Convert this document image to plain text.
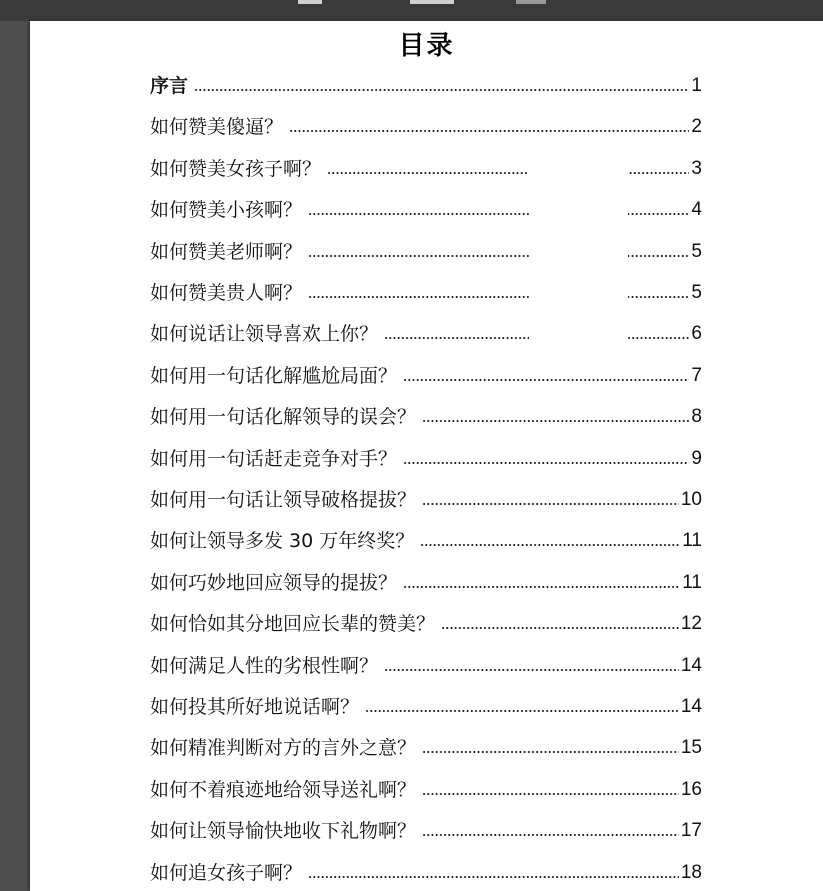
目录
序言	1
如何赞美傻逼？	2
如何赞美女孩子啊？	3
如何赞美小孩啊？	4
如何赞美老师啊？	5
如何赞美贵人啊？	5
如何说话让领导喜欢上你？	6
如何用一句话化解尴尬局面？	7
如何用一句话化解领导的误会？	8
如何用一句话赶走竞争对手？	9
如何用一句话让领导破格提拔？	10
如何让领导多发 30 万年终奖？	11
如何巧妙地回应领导的提拔？	11
如何恰如其分地回应长辈的赞美？	12
如何满足人性的劣根性啊？	14
如何投其所好地说话啊？	14
如何精准判断对方的言外之意？	15
如何不着痕迹地给领导送礼啊？	16
如何让领导愉快地收下礼物啊？	17
如何追女孩子啊？	18
